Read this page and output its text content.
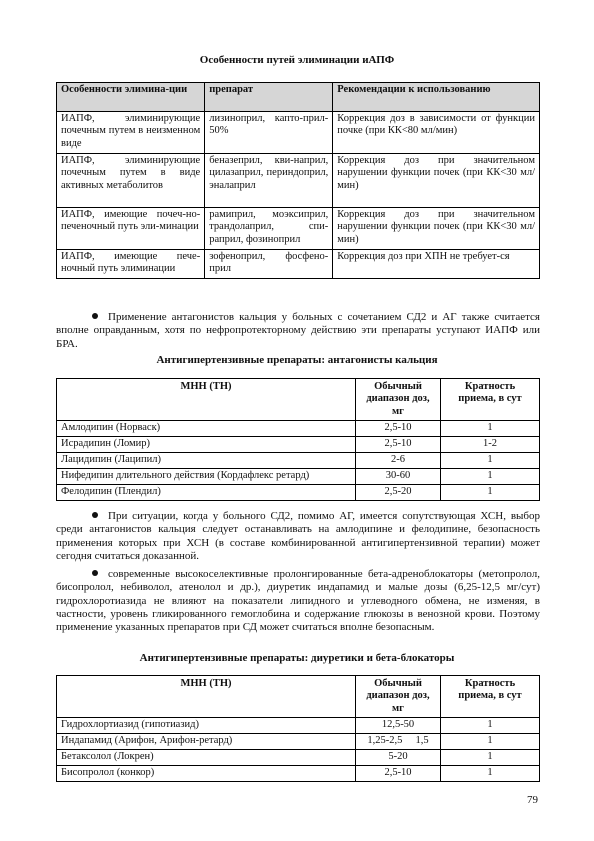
Особенности путей элиминации иАПФ
Особенности элимина-ции	препарат	Рекомендации к использованию
ИАПФ, элиминирующие почечным путем в неизменном виде	лизиноприл, капто-прил- 50%	Коррекция доз в зависимости от функции почке (при КК<80 мл/мин)
ИАПФ, элиминирующие почечным путем в виде активных метаболитов	беназеприл, кви-наприл, цилазаприл, периндоприл, эналаприл	Коррекция доз при значительном нарушении функции почек (при КК<30 мл/мин)
ИАПФ, имеющие почеч-но-печеночный путь эли-минации	рамиприл, моэксиприл, трандолаприл, спи-раприл, фозиноприл	Коррекция доз при значительном нарушении функции почек (при КК<30 мл/мин)
ИАПФ, имеющие пече-ночный путь элиминации	зофеноприл, фосфено-прил	Коррекция доз при ХПН не требует-ся

Применение антагонистов кальция у больных с сочетанием СД2 и АГ также считается вполне оправданным, хотя по нефропротекторному действию эти препараты уступают ИАПФ или БРА.

Антигипертензивные препараты: антагонисты кальция
МНН (ТН)	Обычный диапазон доз, мг	Кратность приема, в сут
Амлодипин (Норваск)	2,5-10	1
Исрадипин (Ломир)	2,5-10	1-2
Лацидипин (Лаципил)	2-6	1
Нифедипин длительного действия (Кордафлекс ретард)	30-60	1
Фелодипин (Плендил)	2,5-20	1

При ситуации, когда у больного СД2, помимо АГ, имеется сопутствующая ХСН, выбор среди антагонистов кальция следует останавливать на амлодипине и фелодипине, безопасность применения которых при ХСН (в составе комбинированной антигипертензивной терапии) может сегодня считаться доказанной.

современные высокоселективные пролонгированные бета-адреноблокаторы (метопролол, бисопролол, небиволол, атенолол и др.), диуретик индапамид и малые дозы (6,25-12,5 мг/сут) гидрохлоротиазида не влияют на показатели липидного и углеводного обмена, не изменяя, в частности, уровень гликированного гемоглобина и содержание глюкозы в венозной крови. Поэтому применение указанных препаратов при СД может считаться вполне безопасным.

Антигипертензивные препараты: диуретики и бета-блокаторы
МНН (ТН)	Обычный диапазон доз, мг	Кратность приема, в сут
Гидрохлортиазид (гипотиазид)	12,5-50	1
Индапамид (Арифон, Арифон-ретард)	1,25-2,5     1,5	1
Бетаксолол (Локрен)	5-20	1
Бисопролол (конкор)	2,5-10	1
79
